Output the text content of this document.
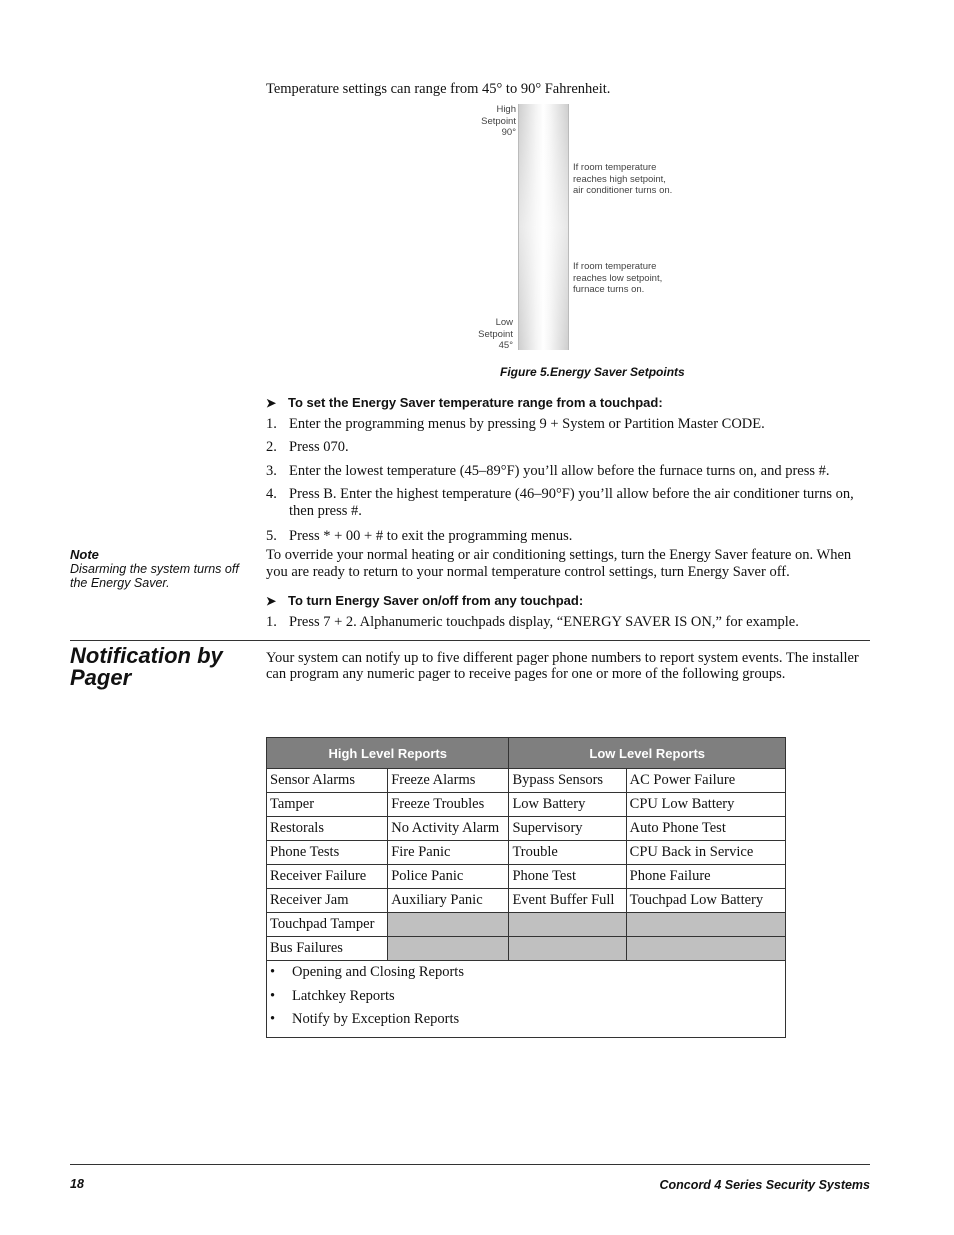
Temperature settings can range from 45° to 90° Fahrenheit.
High
Setpoint
90°
Low
Setpoint
45°
If room temperature
reaches high setpoint,
air conditioner turns on.
If room temperature
reaches low setpoint,
furnace turns on.
Figure 5.Energy Saver Setpoints
➤ To set the Energy Saver temperature range from a touchpad:
1. Enter the programming menus by pressing 9 + System or Partition Master CODE.
2. Press 070.
3. Enter the lowest temperature (45–89°F) you’ll allow before the furnace turns on, and press #.
4. Press B. Enter the highest temperature (46–90°F) you’ll allow before the air conditioner turns on, then press #.
5. Press * + 00 + # to exit the programming menus.
Note
Disarming the system turns off the Energy Saver.
To override your normal heating or air conditioning settings, turn the Energy Saver feature on. When you are ready to return to your normal temperature control settings, turn Energy Saver off.
➤ To turn Energy Saver on/off from any touchpad:
1. Press 7 + 2. Alphanumeric touchpads display, “ENERGY SAVER IS ON,” for example.
Notification by
Pager
Your system can notify up to five different pager phone numbers to report system events. The installer can program any numeric pager to receive pages for one or more of the following groups.
High Level Reports		Low Level Reports	
Sensor Alarms	Freeze Alarms	Bypass Sensors	AC Power Failure
Tamper	Freeze Troubles	Low Battery	CPU Low Battery
Restorals	No Activity Alarm	Supervisory	Auto Phone Test
Phone Tests	Fire Panic	Trouble	CPU Back in Service
Receiver Failure	Police Panic	Phone Test	Phone Failure
Receiver Jam	Auxiliary Panic	Event Buffer Full	Touchpad Low Battery
Touchpad Tamper			
Bus Failures			

• Opening and Closing Reports
• Latchkey Reports
• Notify by Exception Reports			
18	Concord 4 Series Security Systems
